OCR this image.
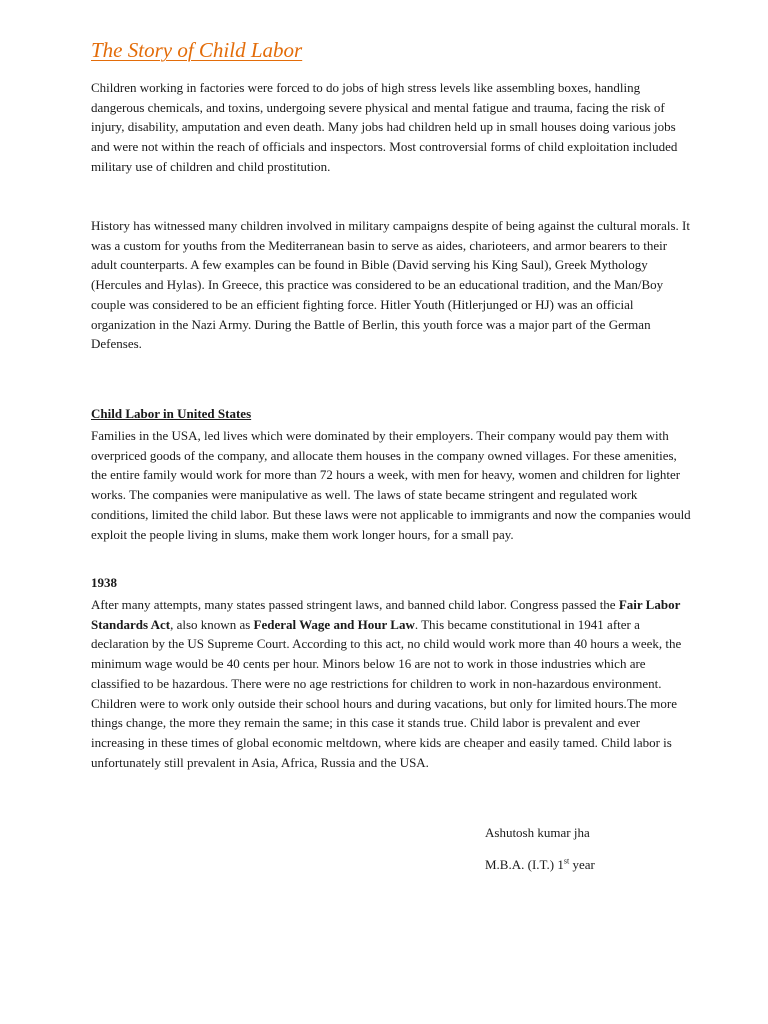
The Story of Child Labor

Children working in factories were forced to do jobs of high stress levels like assembling boxes, handling dangerous chemicals, and toxins, undergoing severe physical and mental fatigue and trauma, facing the risk of injury, disability, amputation and even death. Many jobs had children held up in small houses doing various jobs and were not within the reach of officials and inspectors. Most controversial forms of child exploitation included military use of children and child prostitution.

History has witnessed many children involved in military campaigns despite of being against the cultural morals. It was a custom for youths from the Mediterranean basin to serve as aides, charioteers, and armor bearers to their adult counterparts. A few examples can be found in Bible (David serving his King Saul), Greek Mythology (Hercules and Hylas). In Greece, this practice was considered to be an educational tradition, and the Man/Boy couple was considered to be an efficient fighting force. Hitler Youth (Hitlerjunged or HJ) was an official organization in the Nazi Army. During the Battle of Berlin, this youth force was a major part of the German Defenses.

Child Labor in United States

Families in the USA, led lives which were dominated by their employers. Their company would pay them with overpriced goods of the company, and allocate them houses in the company owned villages. For these amenities, the entire family would work for more than 72 hours a week, with men for heavy, women and children for lighter works. The companies were manipulative as well. The laws of state became stringent and regulated work conditions, limited the child labor. But these laws were not applicable to immigrants and now the companies would exploit the people living in slums, make them work longer hours, for a small pay.

1938

After many attempts, many states passed stringent laws, and banned child labor. Congress passed the Fair Labor Standards Act, also known as Federal Wage and Hour Law. This became constitutional in 1941 after a declaration by the US Supreme Court. According to this act, no child would work more than 40 hours a week, the minimum wage would be 40 cents per hour. Minors below 16 are not to work in those industries which are classified to be hazardous. There were no age restrictions for children to work in non-hazardous environment. Children were to work only outside their school hours and during vacations, but only for limited hours.The more things change, the more they remain the same; in this case it stands true. Child labor is prevalent and ever increasing in these times of global economic meltdown, where kids are cheaper and easily tamed. Child labor is unfortunately still prevalent in Asia, Africa, Russia and the USA.

Ashutosh kumar jha

M.B.A. (I.T.) 1st year
